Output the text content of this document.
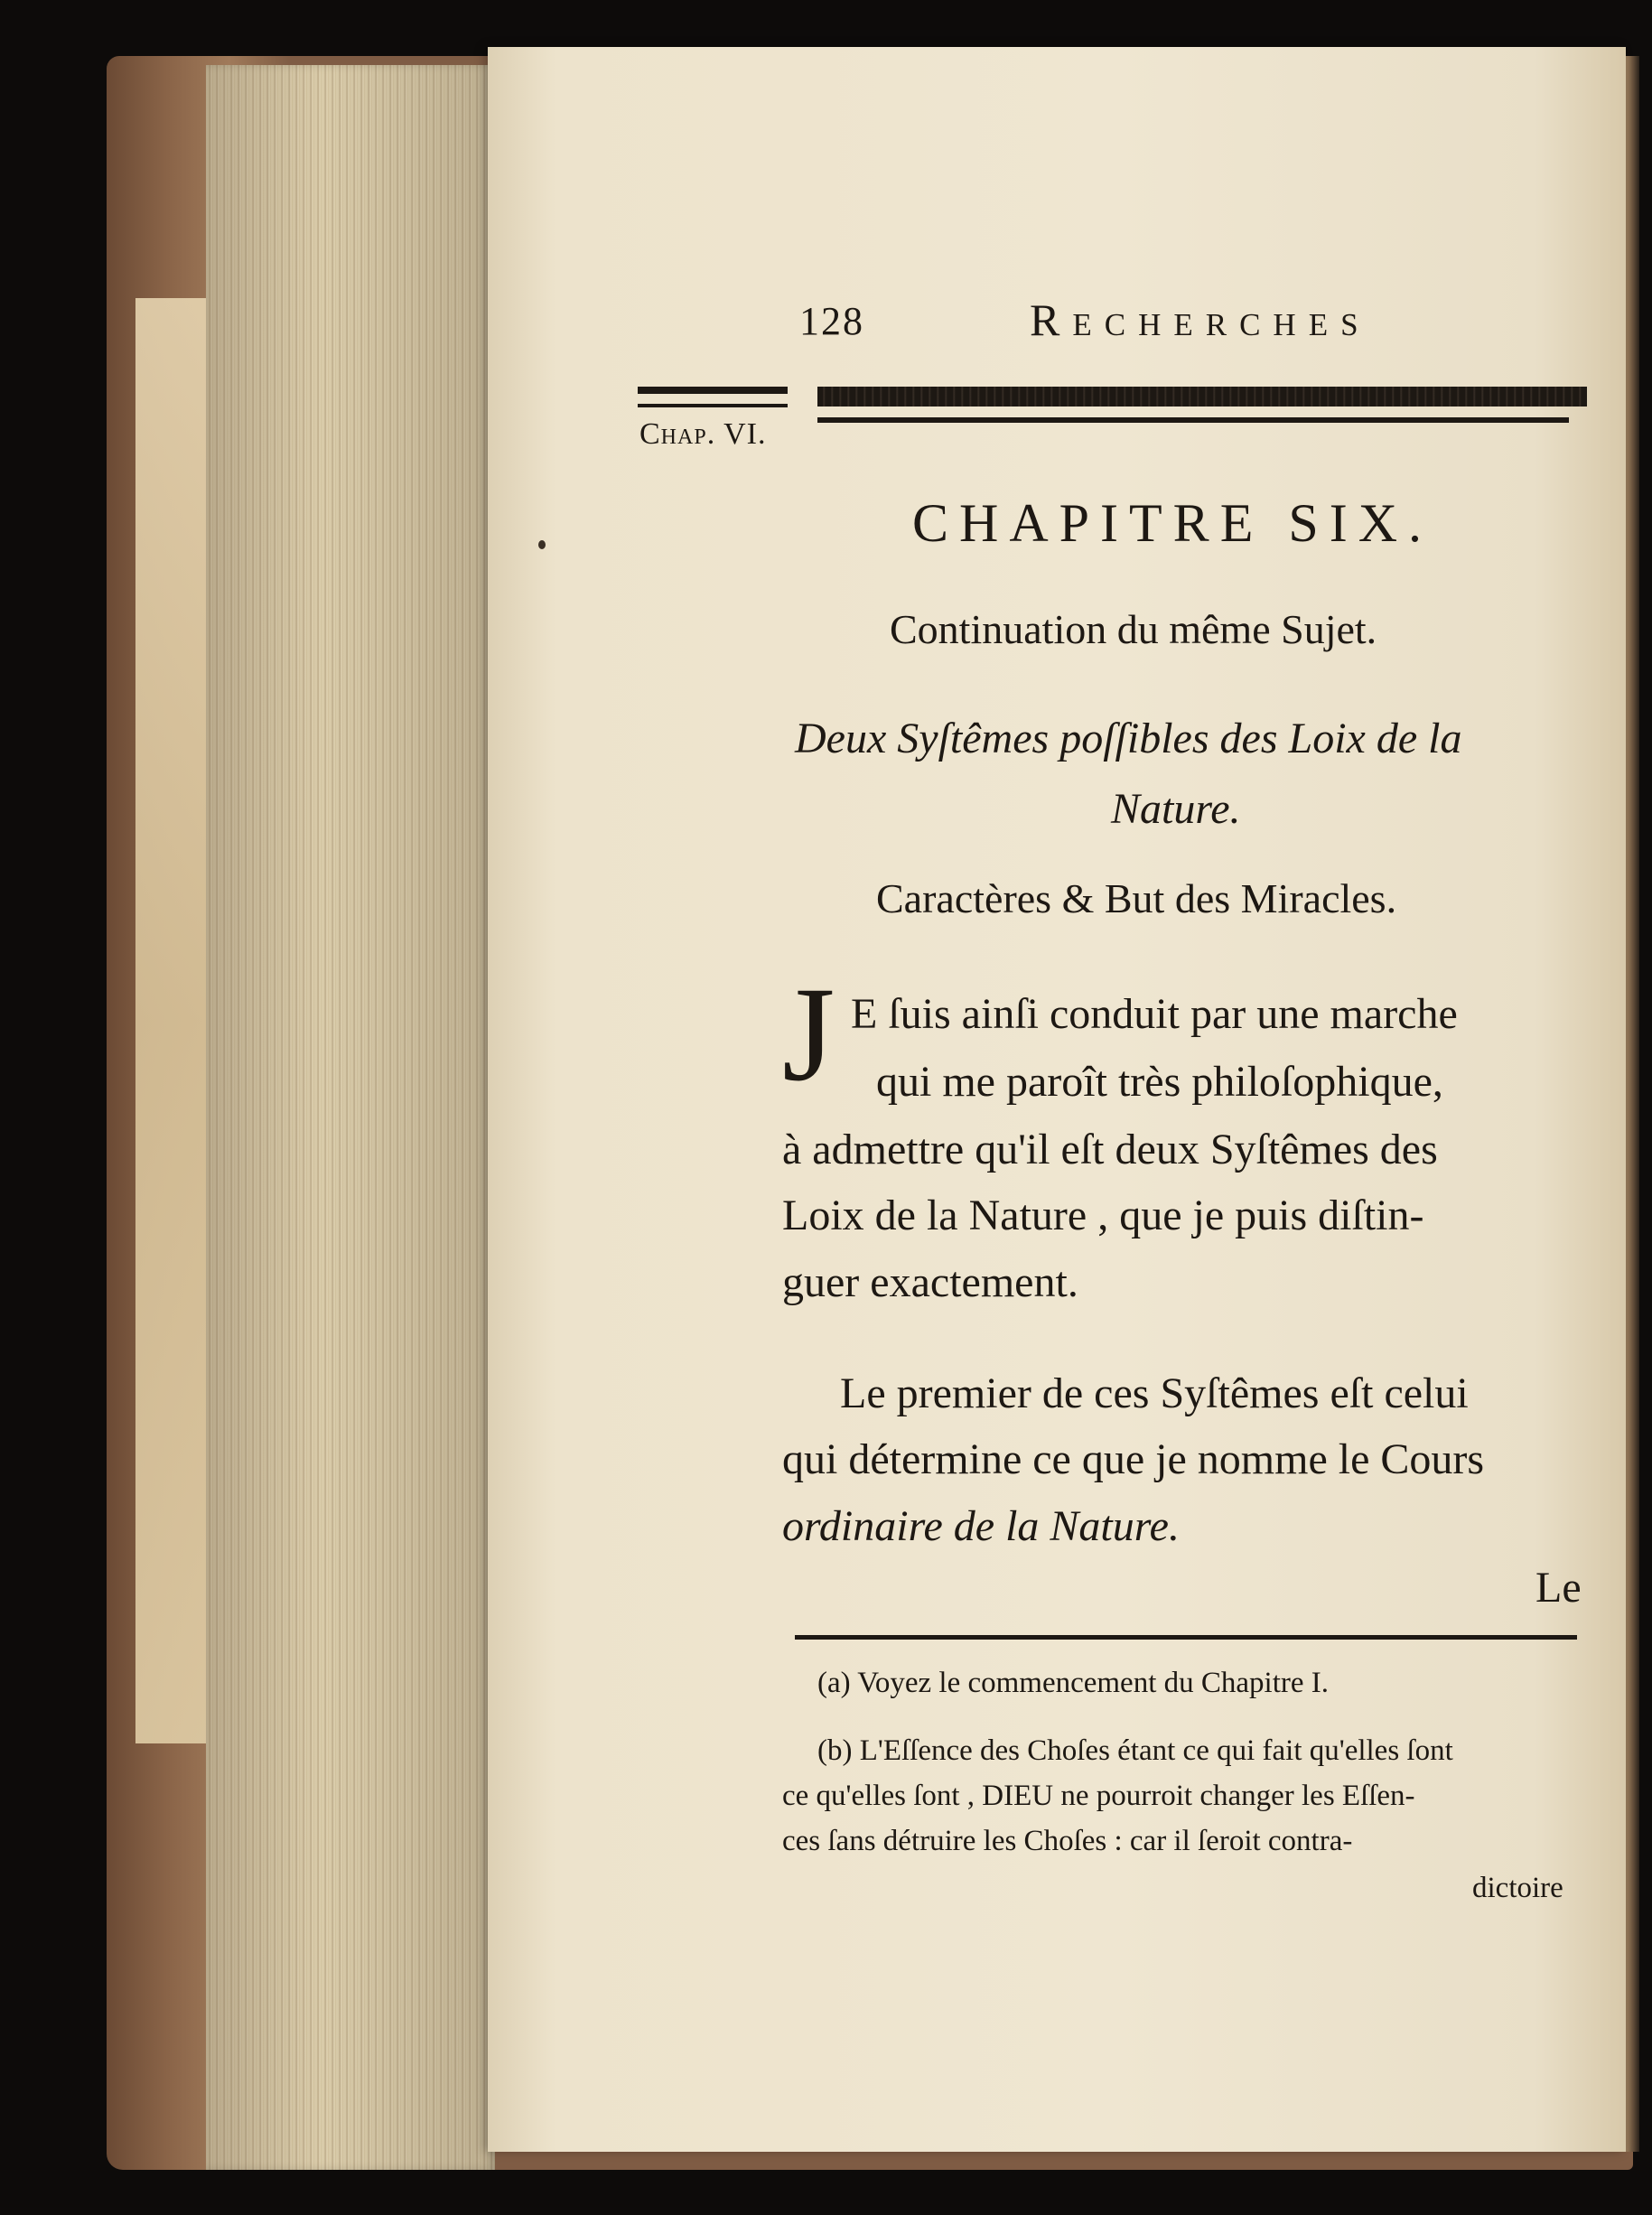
128	Recherches
Chap. VI.
CHAPITRE SIX.
Continuation du même Sujet.
Deux Syſtêmes poſſibles des Loix de la
Nature.
Caractères & But des Miracles.
J E ſuis ainſi conduit par une marche
qui me paroît très philoſophique,
à admettre qu'il eſt deux Syſtêmes des
Loix de la Nature , que je puis diſtin-
guer exactement.
Le premier de ces Syſtêmes eſt celui
qui détermine ce que je nomme le Cours
ordinaire de la Nature.
Le
(a) Voyez le commencement du Chapitre I.
(b) L'Eſſence des Choſes étant ce qui fait qu'elles ſont
ce qu'elles ſont , DIEU ne pourroit changer les Eſſen-
ces ſans détruire les Choſes : car il ſeroit contra-
dictoire
